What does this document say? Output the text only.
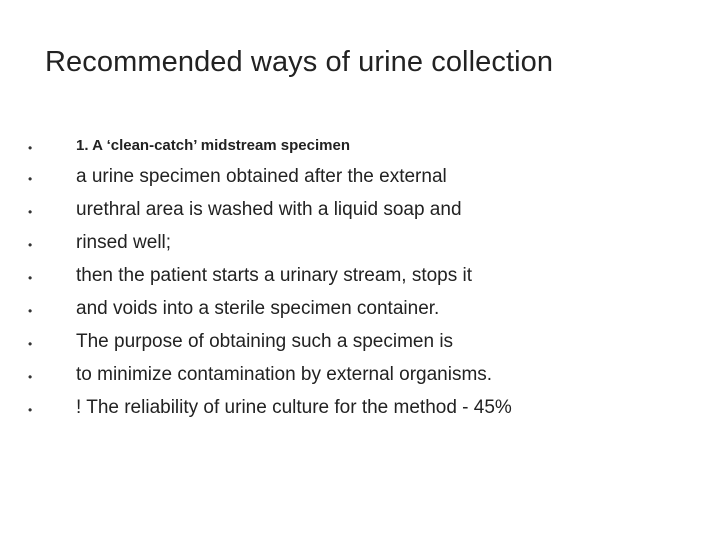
Recommended ways of urine collection
•	1. A ‘clean-catch’ midstream specimen
•	a urine specimen obtained after the external
•	urethral area is washed with a liquid soap and
•	rinsed well;
•	then the patient starts a urinary stream, stops it
•	and voids into a sterile specimen container.
•	The purpose of obtaining such a specimen is
•	to minimize contamination by external organisms.
•	! The reliability of urine culture for the method - 45%
